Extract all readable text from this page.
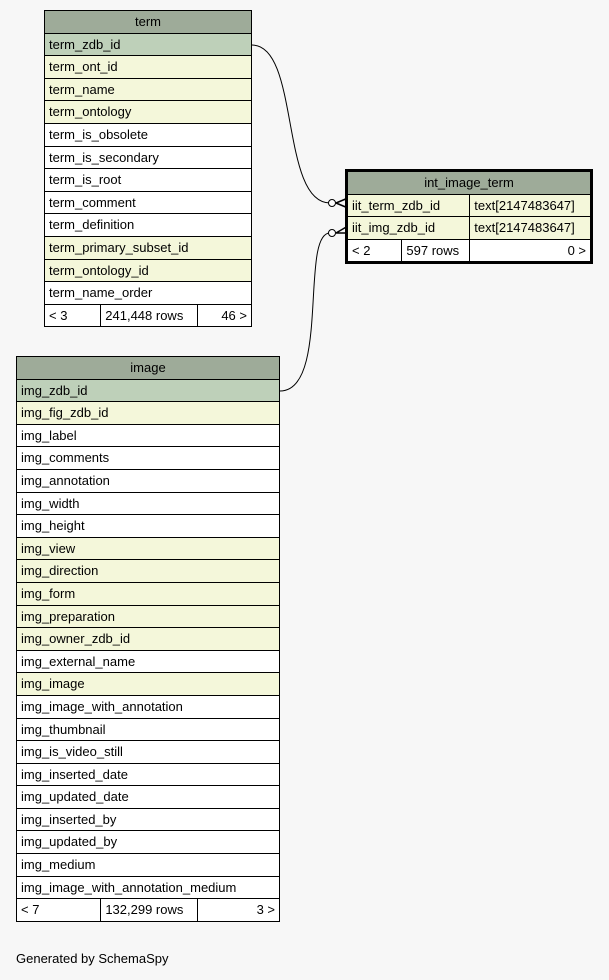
term
term_zdb_id
term_ont_id
term_name
term_ontology
term_is_obsolete
term_is_secondary
term_is_root
term_comment
term_definition
term_primary_subset_id
term_ontology_id
term_name_order
< 3	241,448 rows	46 >
image
img_zdb_id
img_fig_zdb_id
img_label
img_comments
img_annotation
img_width
img_height
img_view
img_direction
img_form
img_preparation
img_owner_zdb_id
img_external_name
img_image
img_image_with_annotation
img_thumbnail
img_is_video_still
img_inserted_date
img_updated_date
img_inserted_by
img_updated_by
img_medium
img_image_with_annotation_medium
< 7	132,299 rows	3 >
int_image_term		
iit_term_zdb_id		text[2147483647]
iit_img_zdb_id		text[2147483647]
< 2	597 rows	0 >
Generated by SchemaSpy
